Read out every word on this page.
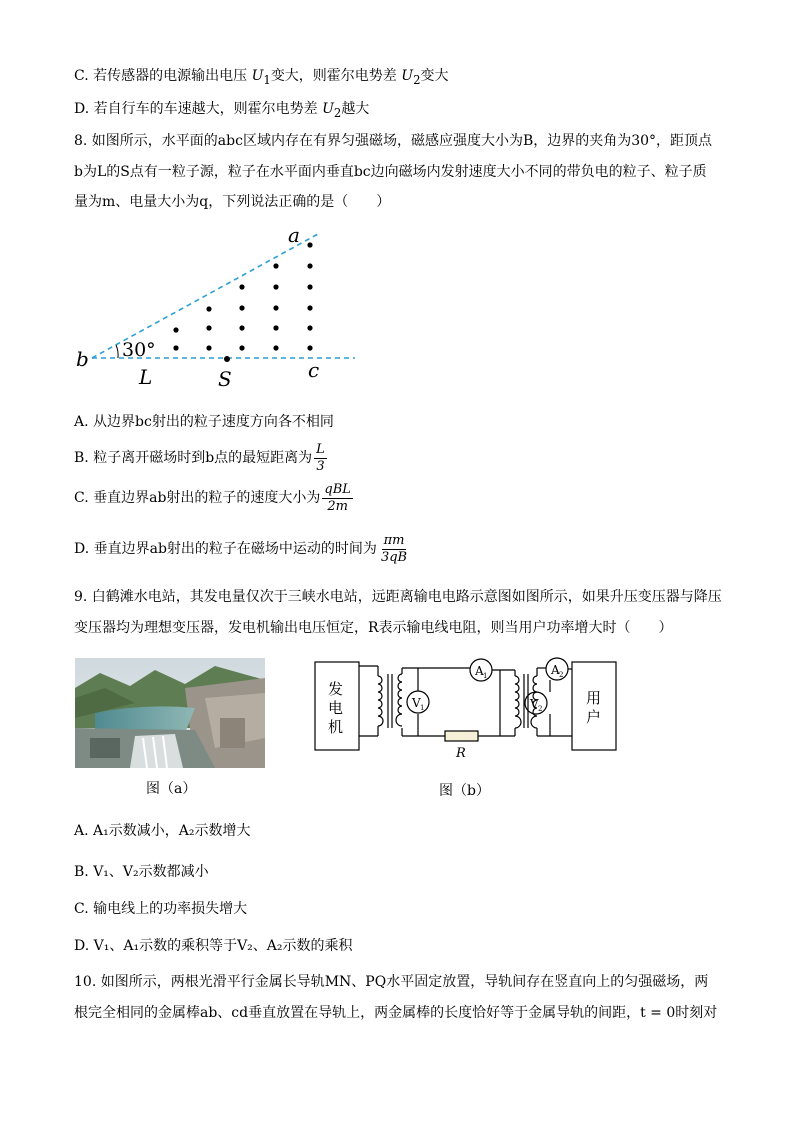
C. 若传感器的电源输出电压 $U_1$变大，则霍尔电势差 $U_2$变大
D. 若自行车的车速越大，则霍尔电势差 $U_2$越大
8. 如图所示，水平面的abc区域内存在有界匀强磁场，磁感应强度大小为B，边界的夹角为30°，距顶点
b为L的S点有一粒子源，粒子在水平面内垂直bc边向磁场内发射速度大小不同的带负电的粒子、粒子质
量为m、电量大小为q，下列说法正确的是（　　）
a
b	c
L	S
30°
A. 从边界bc射出的粒子速度方向各不相同
B. 粒子离开磁场时到b点的最短距离为 $\frac{L}{3}$
C. 垂直边界ab射出的粒子的速度大小为 $\frac{\text{qBL}}{2m}$
D. 垂直边界ab射出的粒子在磁场中运动的时间为 $\frac{\pi m}{3qB}$
9. 白鹤滩水电站，其发电量仅次于三峡水电站，远距离输电电路示意图如图所示，如果升压变压器与降压
变压器均为理想变压器，发电机输出电压恒定，R表示输电线电阻，则当用户功率增大时（　　）
图（a）
发
电
机
用
户
V 1
A 1	A 2
V 2
R
图（b）
A. A₁示数减小，A₂示数增大
B. V₁、V₂示数都减小
C. 输电线上的功率损失增大
D. V₁、A₁示数的乘积等于V₂、A₂示数的乘积
10. 如图所示，两根光滑平行金属长导轨MN、PQ水平固定放置，导轨间存在竖直向上的匀强磁场，两
根完全相同的金属棒ab、cd垂直放置在导轨上，两金属棒的长度恰好等于金属导轨的间距，t = 0时刻对
